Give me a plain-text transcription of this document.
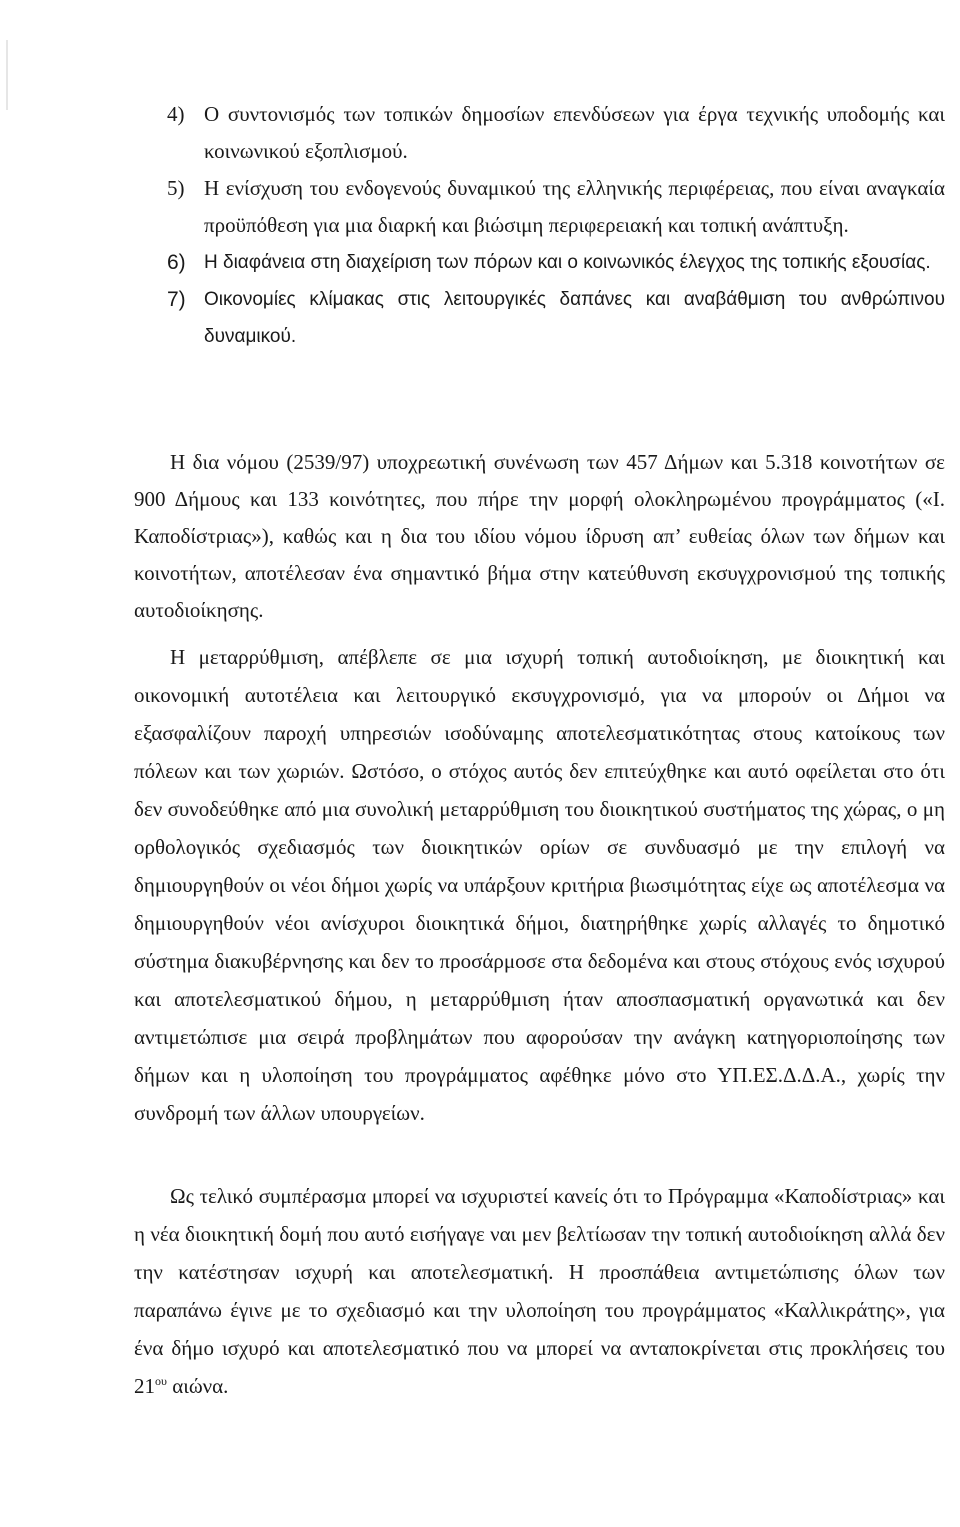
4) Ο συντονισμός των τοπικών δημοσίων επενδύσεων για έργα τεχνικής υποδομής και κοινωνικού εξοπλισμού.

5) Η ενίσχυση του ενδογενούς δυναμικού της ελληνικής περιφέρειας, που είναι αναγκαία προϋπόθεση για μια διαρκή και βιώσιμη περιφερειακή και τοπική ανάπτυξη.

6) Η διαφάνεια στη διαχείριση των πόρων και ο κοινωνικός έλεγχος της τοπικής εξουσίας.

7) Οικονομίες κλίμακας στις λειτουργικές δαπάνες και αναβάθμιση του ανθρώπινου δυναμικού.

Η δια νόμου (2539/97) υποχρεωτική συνένωση των 457 Δήμων και 5.318 κοινοτήτων σε 900 Δήμους και 133 κοινότητες, που πήρε την μορφή ολοκληρωμένου προγράμματος («Ι. Καποδίστριας»), καθώς και η δια του ιδίου νόμου ίδρυση απ’ ευθείας όλων των δήμων και κοινοτήτων, αποτέλεσαν ένα σημαντικό βήμα στην κατεύθυνση εκσυγχρονισμού της τοπικής αυτοδιοίκησης.

Η μεταρρύθμιση, απέβλεπε σε μια ισχυρή τοπική αυτοδιοίκηση, με διοικητική και οικονομική αυτοτέλεια και λειτουργικό εκσυγχρονισμό, για να μπορούν οι Δήμοι να εξασφαλίζουν παροχή υπηρεσιών ισοδύναμης αποτελεσματικότητας στους κατοίκους των πόλεων και των χωριών. Ωστόσο, ο στόχος αυτός δεν επιτεύχθηκε και αυτό οφείλεται στο ότι δεν συνοδεύθηκε από μια συνολική μεταρρύθμιση του διοικητικού συστήματος της χώρας, ο μη ορθολογικός σχεδιασμός των διοικητικών ορίων σε συνδυασμό με την επιλογή να δημιουργηθούν οι νέοι δήμοι χωρίς να υπάρξουν κριτήρια βιωσιμότητας είχε ως αποτέλεσμα να δημιουργηθούν νέοι ανίσχυροι διοικητικά δήμοι, διατηρήθηκε χωρίς αλλαγές το δημοτικό σύστημα διακυβέρνησης και δεν το προσάρμοσε στα δεδομένα και στους στόχους ενός ισχυρού και αποτελεσματικού δήμου, η μεταρρύθμιση ήταν αποσπασματική οργανωτικά και δεν αντιμετώπισε μια σειρά προβλημάτων που αφορούσαν την ανάγκη κατηγοριοποίησης των δήμων και η υλοποίηση του προγράμματος αφέθηκε μόνο στο ΥΠ.ΕΣ.Δ.Δ.Α., χωρίς την συνδρομή των άλλων υπουργείων.

Ως τελικό συμπέρασμα μπορεί να ισχυριστεί κανείς ότι το Πρόγραμμα «Καποδίστριας» και η νέα διοικητική δομή που αυτό εισήγαγε ναι μεν βελτίωσαν την τοπική αυτοδιοίκηση αλλά δεν την κατέστησαν ισχυρή και αποτελεσματική. Η προσπάθεια αντιμετώπισης όλων των παραπάνω έγινε με το σχεδιασμό και την υλοποίηση του προγράμματος «Καλλικράτης», για ένα δήμο ισχυρό και αποτελεσματικό που να μπορεί να ανταποκρίνεται στις προκλήσεις του $21^{o\upsilon}$ αιώνα.
